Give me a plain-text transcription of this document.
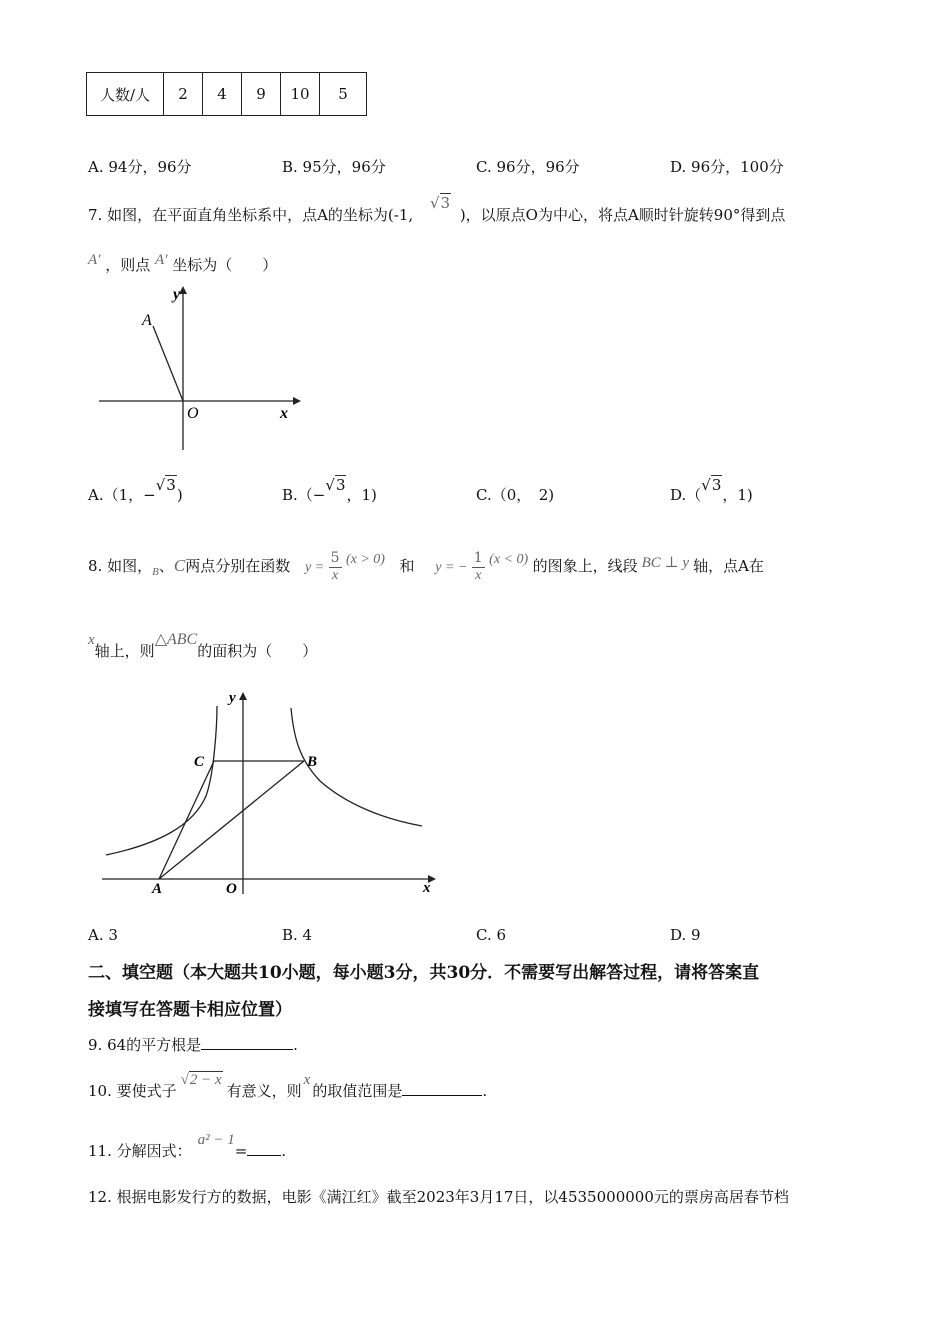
人数/人	2	4	9	10	5
A. 94分，96分	B. 95分，96分	C. 96分，96分	D. 96分，100分
7. 如图，在平面直角坐标系中，点A的坐标为(-1, √3 )，以原点O为中心，将点A顺时针旋转90°得到点
A′ ，则点 A′ 坐标为（　　）
y
x
O
A
A.（1，−√3)	B.（−√3，1)	C.（0，　2)	D.（√3，1)
8. 如图，$_B$、C两点分别在函数 $y = \frac{5}{x} (x > 0)$ 和 y = − $\frac{1}{x} (x < 0)$ 的图象上，线段 BC ⊥ y 轴，点A在
x轴上，则△ABC的面积为（　　）
y
x
O
A
B
C
A. 3	B. 4	C. 6	D. 9
二、填空题（本大题共10小题，每小题3分，共30分．不需要写出解答过程，请将答案直
接填写在答题卡相应位置）
9. 64的平方根是	.
10. 要使式子√2 − x有意义，则x的取值范围是	.
11. 分解因式：a² − 1= .
12. 根据电影发行方的数据，电影《满江红》截至2023年3月17日，以4535000000元的票房高居春节档
